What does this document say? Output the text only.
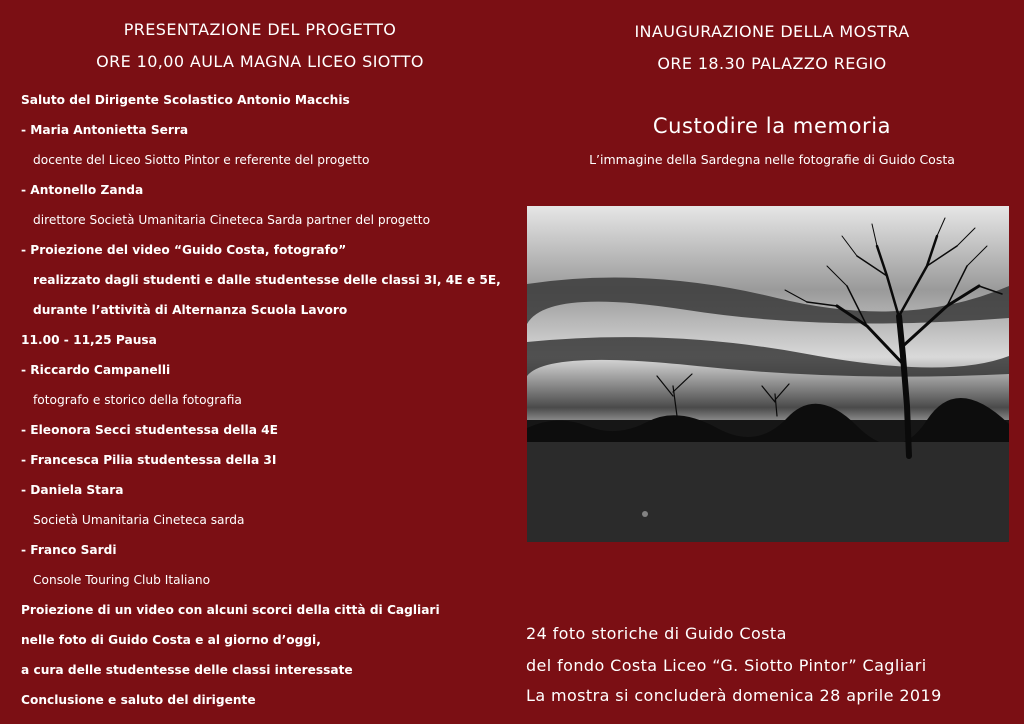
PRESENTAZIONE DEL PROGETTO
ORE 10,00 AULA MAGNA LICEO SIOTTO
Saluto del Dirigente Scolastico Antonio Macchis
- Maria Antonietta Serra
docente del Liceo Siotto Pintor e referente del progetto
- Antonello Zanda
direttore Società Umanitaria Cineteca Sarda partner del progetto
- Proiezione del video “Guido Costa, fotografo”
realizzato dagli studenti e dalle studentesse delle classi 3I, 4E e 5E,
durante l’attività di Alternanza Scuola Lavoro
11.00 - 11,25 Pausa
- Riccardo Campanelli
fotografo e storico della fotografia
- Eleonora Secci studentessa della 4E
- Francesca Pilia studentessa della 3I
- Daniela Stara
Società Umanitaria Cineteca sarda
- Franco Sardi
Console Touring Club Italiano
Proiezione di un video con alcuni scorci della città di Cagliari
nelle foto di Guido Costa e al giorno d’oggi,
a cura delle studentesse delle classi interessate
Conclusione e saluto del dirigente
INAUGURAZIONE DELLA MOSTRA
ORE 18.30 PALAZZO REGIO
Custodire la memoria
L’immagine della Sardegna nelle fotografie di Guido Costa
24 foto storiche di Guido Costa
del fondo Costa Liceo “G. Siotto Pintor” Cagliari
La mostra si concluderà domenica 28 aprile 2019
